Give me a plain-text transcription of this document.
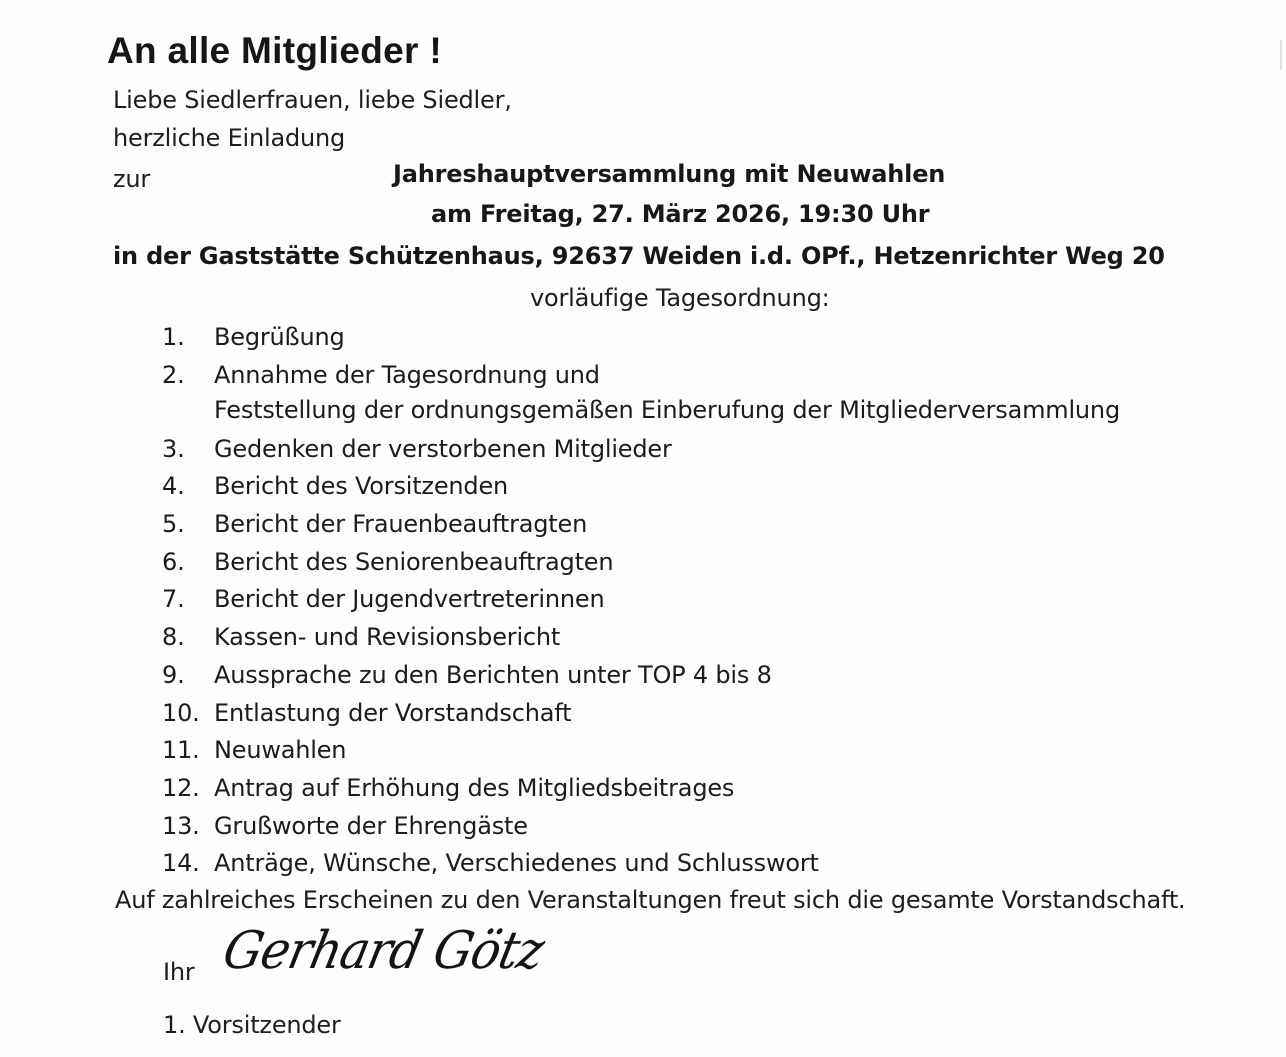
An alle Mitglieder !
Liebe Siedlerfrauen, liebe Siedler,
herzliche Einladung
zur	Jahreshauptversammlung mit Neuwahlen
am Freitag, 27. März 2026, 19:30 Uhr
in der Gaststätte Schützenhaus, 92637 Weiden i.d. OPf., Hetzenrichter Weg 20
vorläufige Tagesordnung:
1.	Begrüßung
2.	Annahme der Tagesordnung und
Feststellung der ordnungsgemäßen Einberufung der Mitgliederversammlung
3.	Gedenken der verstorbenen Mitglieder
4.	Bericht des Vorsitzenden
5.	Bericht der Frauenbeauftragten
6.	Bericht des Seniorenbeauftragten
7.	Bericht der Jugendvertreterinnen
8.	Kassen- und Revisionsbericht
9.	Aussprache zu den Berichten unter TOP 4 bis 8
10. Entlastung der Vorstandschaft
11. Neuwahlen
12. Antrag auf Erhöhung des Mitgliedsbeitrages
13. Grußworte der Ehrengäste
14. Anträge, Wünsche, Verschiedenes und Schlusswort
Auf zahlreiches Erscheinen zu den Veranstaltungen freut sich die gesamte Vorstandschaft.
Ihr Gerhard Götz
1. Vorsitzender
